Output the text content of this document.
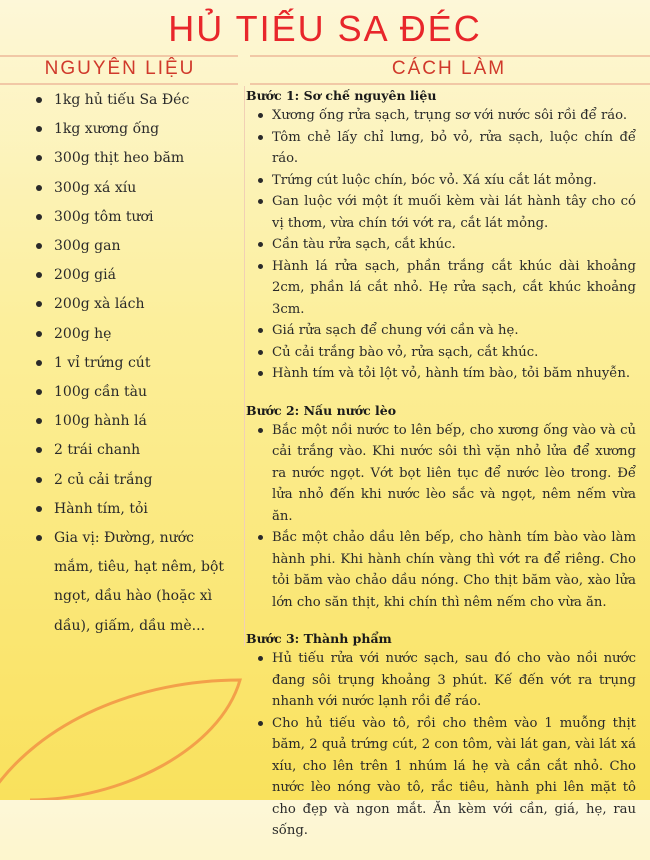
HỦ TIẾU SA ĐÉC
NGUYÊN LIỆU	CÁCH LÀM
1kg hủ tiếu Sa Đéc
1kg xương ống
300g thịt heo băm
300g xá xíu
300g tôm tươi
300g gan
200g giá
200g xà lách
200g hẹ
1 vỉ trứng cút
100g cần tàu
100g hành lá
2 trái chanh
2 củ cải trắng
Hành tím, tỏi
Gia vị: Đường, nước mắm, tiêu, hạt nêm, bột ngọt, dầu hào (hoặc xì dầu), giấm, dầu mè...
Bước 1: Sơ chế nguyên liệu
Xương ống rửa sạch, trụng sơ với nước sôi rồi để ráo.
Tôm chẻ lấy chỉ lưng, bỏ vỏ, rửa sạch, luộc chín để ráo.
Trứng cút luộc chín, bóc vỏ. Xá xíu cắt lát mỏng.
Gan luộc với một ít muối kèm vài lát hành tây cho có vị thơm, vừa chín tới vớt ra, cắt lát mỏng.
Cần tàu rửa sạch, cắt khúc.
Hành lá rửa sạch, phần trắng cắt khúc dài khoảng 2cm, phần lá cắt nhỏ. Hẹ rửa sạch, cắt khúc khoảng 3cm.
Giá rửa sạch để chung với cần và hẹ.
Củ cải trắng bào vỏ, rửa sạch, cắt khúc.
Hành tím và tỏi lột vỏ, hành tím bào, tỏi băm nhuyễn.
Bước 2: Nấu nước lèo
Bắc một nồi nước to lên bếp, cho xương ống vào và củ cải trắng vào. Khi nước sôi thì vặn nhỏ lửa để xương ra nước ngọt. Vớt bọt liên tục để nước lèo trong. Để lửa nhỏ đến khi nước lèo sắc và ngọt, nêm nếm vừa ăn.
Bắc một chảo dầu lên bếp, cho hành tím bào vào làm hành phi. Khi hành chín vàng thì vớt ra để riêng. Cho tỏi băm vào chảo dầu nóng. Cho thịt băm vào, xào lửa lớn cho săn thịt, khi chín thì nêm nếm cho vừa ăn.
Bước 3: Thành phẩm
Hủ tiếu rửa với nước sạch, sau đó cho vào nồi nước đang sôi trụng khoảng 3 phút. Kế đến vớt ra trụng nhanh với nước lạnh rồi để ráo.
Cho hủ tiếu vào tô, rồi cho thêm vào 1 muỗng thịt băm, 2 quả trứng cút, 2 con tôm, vài lát gan, vài lát xá xíu, cho lên trên 1 nhúm lá hẹ và cần cắt nhỏ. Cho nước lèo nóng vào tô, rắc tiêu, hành phi lên mặt tô cho đẹp và ngon mắt. Ăn kèm với cần, giá, hẹ, rau sống.
